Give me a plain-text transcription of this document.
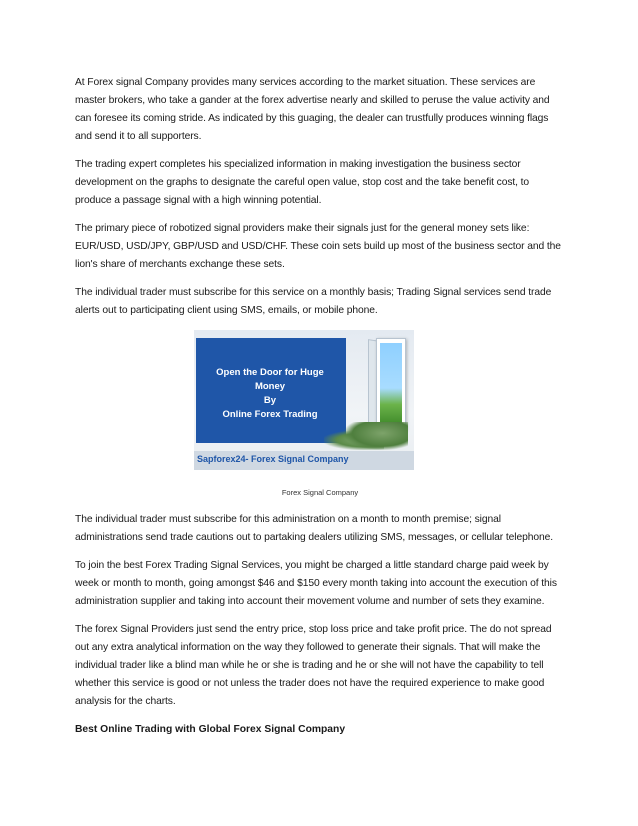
At Forex signal Company provides many services according to the market situation. These services are master brokers, who take a gander at the forex advertise nearly and skilled to peruse the value activity and can foresee its coming stride. As indicated by this guaging, the dealer can trustfully produces winning flags and send it to all supporters.

The trading expert completes his specialized information in making investigation the business sector development on the graphs to designate the careful open value, stop cost and the take benefit cost, to produce a passage signal with a high winning potential.

The primary piece of robotized signal providers make their signals just for the general money sets like: EUR/USD, USD/JPY, GBP/USD and USD/CHF. These coin sets build up most of the business sector and the lion's share of merchants exchange these sets.

The individual trader must subscribe for this service on a monthly basis; Trading Signal services send trade alerts out to participating client using SMS, emails, or mobile phone.

Open the Door for Huge Money
By
Online Forex Trading
Sapforex24- Forex Signal Company
Forex Signal Company

The individual trader must subscribe for this administration on a month to month premise; signal administrations send trade cautions out to partaking dealers utilizing SMS, messages, or cellular telephone.

To join the best Forex Trading Signal Services, you might be charged a little standard charge paid week by week or month to month, going amongst $46 and $150 every month taking into account the execution of this administration supplier and taking into account their movement volume and number of sets they examine.

The forex Signal Providers just send the entry price, stop loss price and take profit price. The do not spread out any extra analytical information on the way they followed to generate their signals. That will make the individual trader like a blind man while he or she is trading and he or she will not have the capability to tell whether this service is good or not unless the trader does not have the required experience to make good analysis for the charts.

Best Online Trading with Global Forex Signal Company
